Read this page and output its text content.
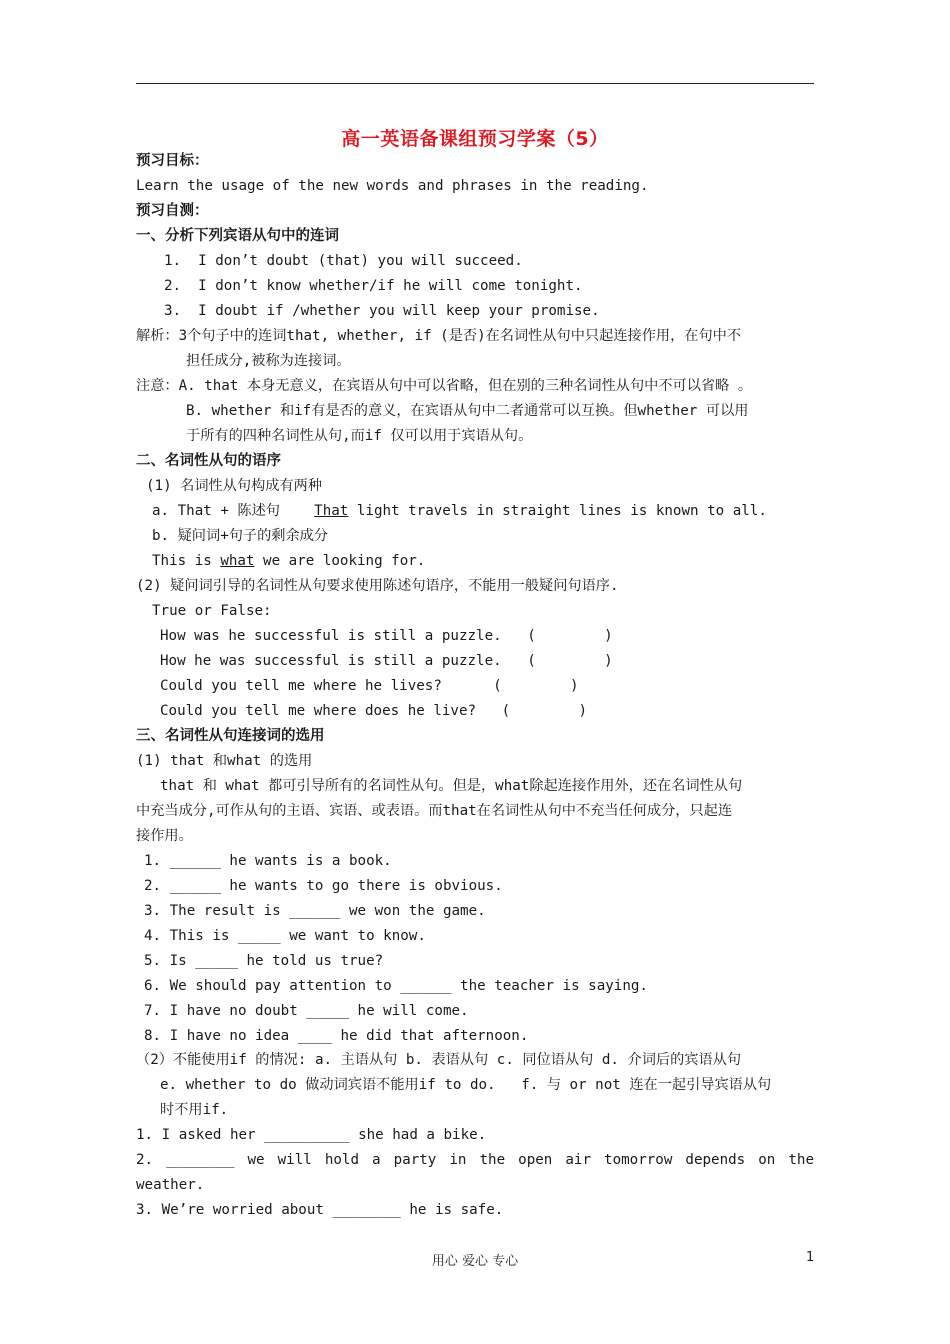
高一英语备课组预习学案（5）
预习目标：
Learn the usage of the new words and phrases in the reading.
预习自测：
一、分析下列宾语从句中的连词
1.  I don’t doubt (that) you will succeed.
2.  I don’t know whether/if he will come tonight.
3.  I doubt if /whether you will keep your promise.
解析：3个句子中的连词that, whether, if (是否)在名词性从句中只起连接作用，在句中不
担任成分,被称为连接词。
注意：A. that 本身无意义，在宾语从句中可以省略，但在别的三种名词性从句中不可以省略 。
B. whether 和if有是否的意义，在宾语从句中二者通常可以互换。但whether 可以用
于所有的四种名词性从句,而if 仅可以用于宾语从句。
二、名词性从句的语序
(1) 名词性从句构成有两种
a. That + 陈述句    That light travels in straight lines is known to all.
b. 疑问词+句子的剩余成分
This is what we are looking for.
(2) 疑问词引导的名词性从句要求使用陈述句语序，不能用一般疑问句语序.
True or False:
How was he successful is still a puzzle.   (        )
How he was successful is still a puzzle.   (        )
Could you tell me where he lives?      (        )
Could you tell me where does he live?   (        )
三、名词性从句连接词的选用
(1) that 和what 的选用
that 和 what 都可引导所有的名词性从句。但是，what除起连接作用外，还在名词性从句
中充当成分,可作从句的主语、宾语、或表语。而that在名词性从句中不充当任何成分，只起连
接作用。
1. ______ he wants is a book.
2. ______ he wants to go there is obvious.
3. The result is ______ we won the game.
4. This is _____ we want to know.
5. Is _____ he told us true?
6. We should pay attention to ______ the teacher is saying.
7. I have no doubt _____ he will come.
8. I have no idea ____ he did that afternoon.
（2）不能使用if 的情况: a. 主语从句 b. 表语从句 c. 同位语从句 d. 介词后的宾语从句
e. whether to do 做动词宾语不能用if to do.   f. 与 or not 连在一起引导宾语从句
时不用if.
1. I asked her __________ she had a bike.
2. ________ we will hold a party in the open air tomorrow depends on the
weather.
3. We’re worried about ________ he is safe.
用心 爱心 专心	1
